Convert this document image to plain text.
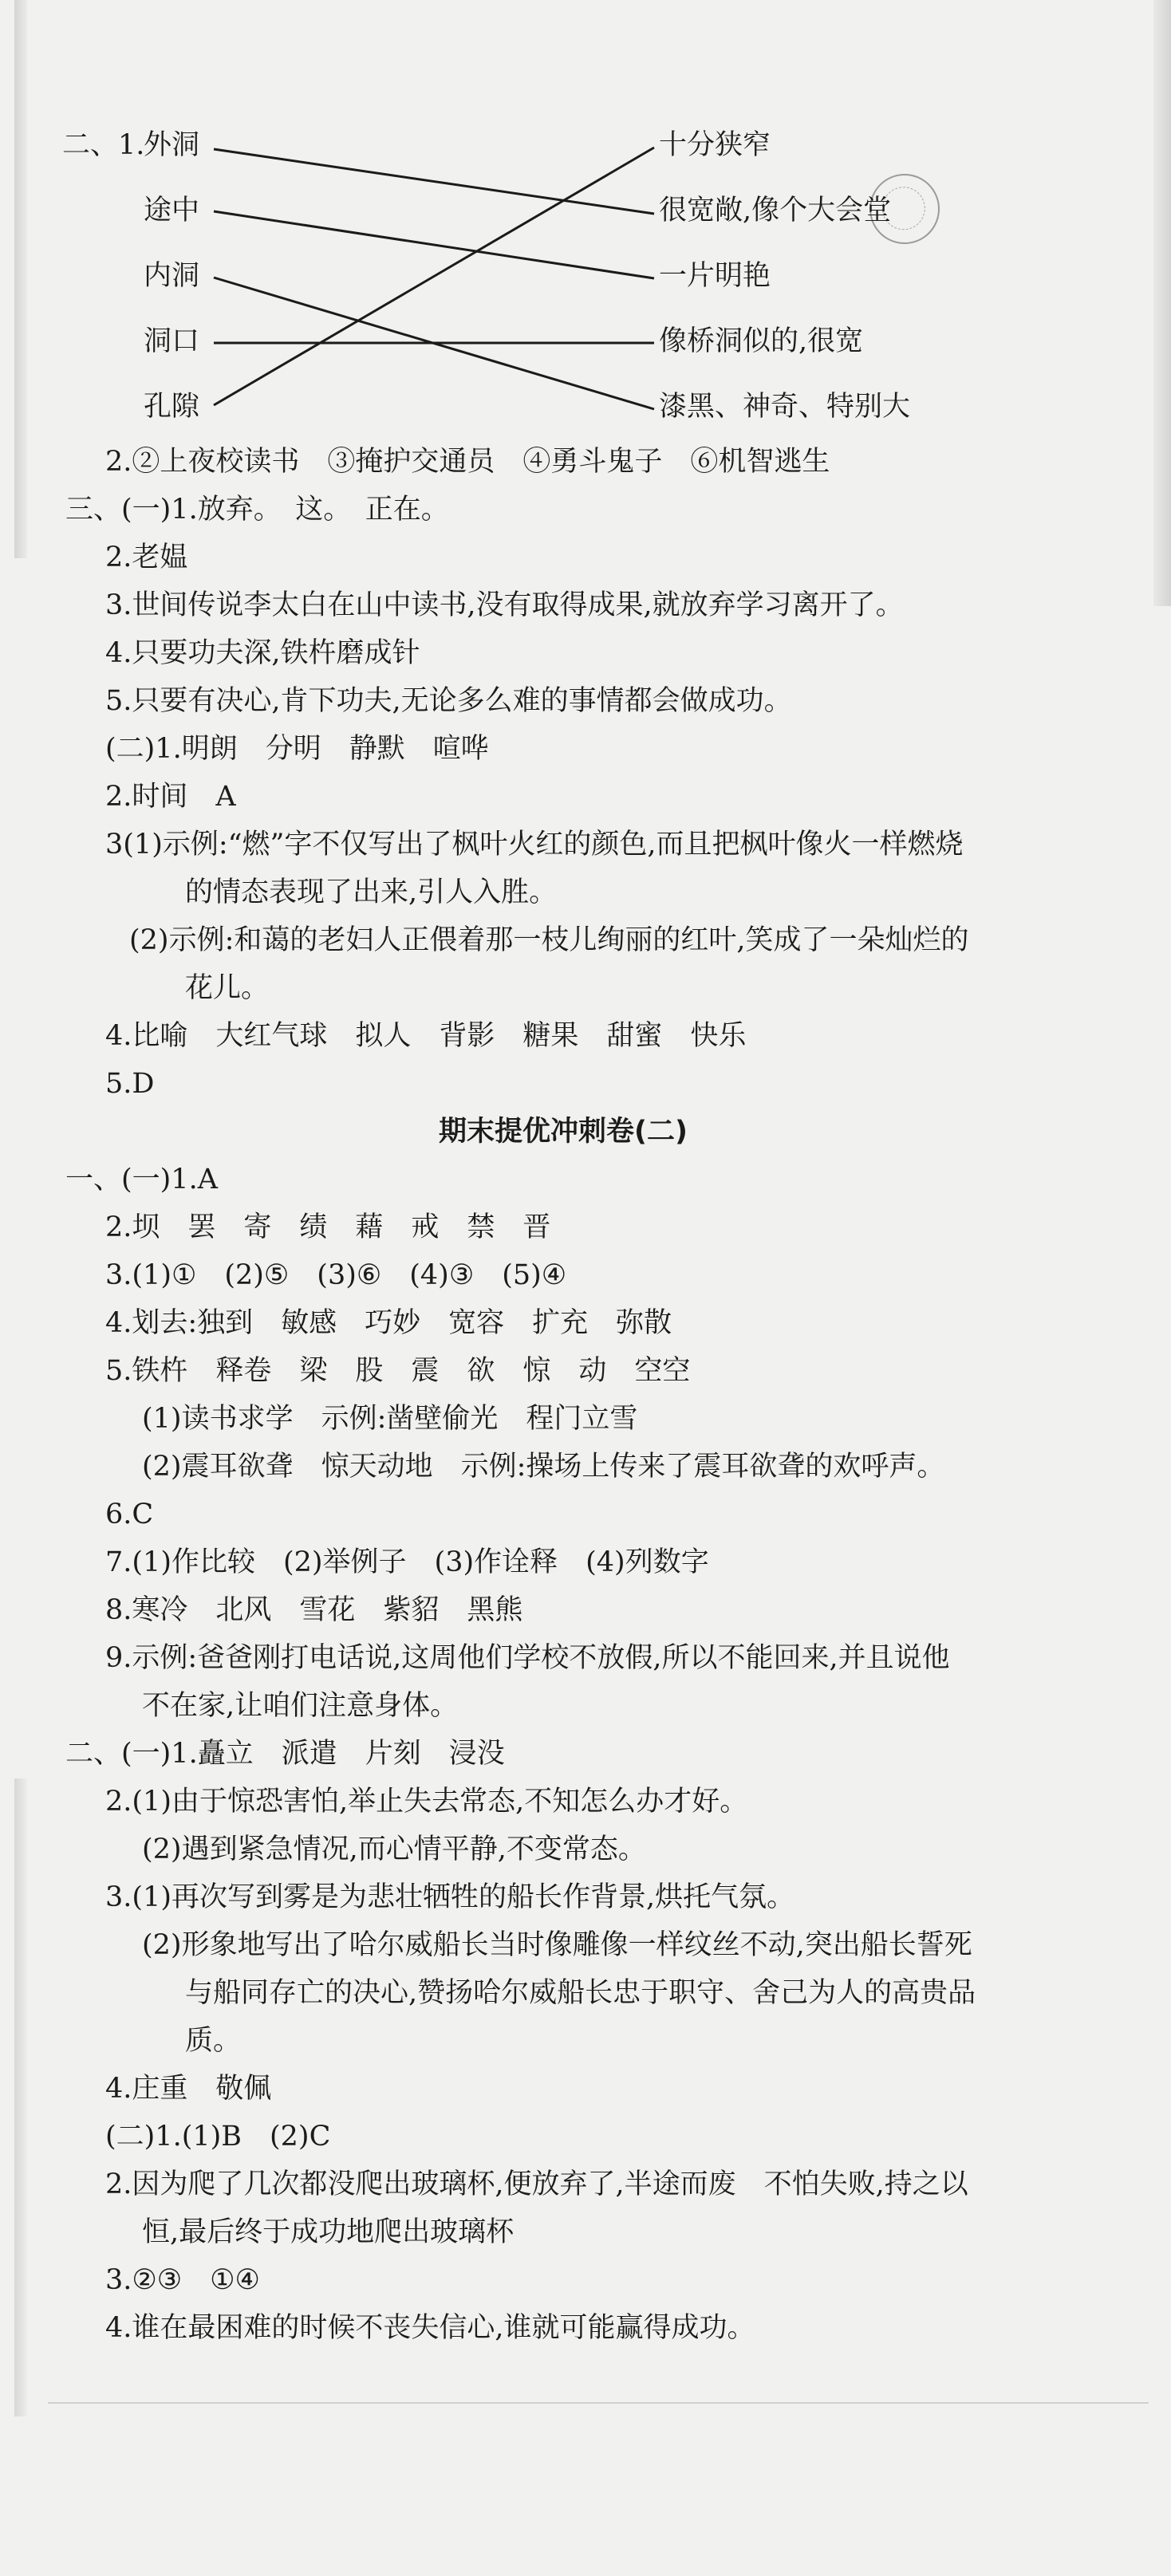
二、1.
外洞
途中
内洞
洞口
孔隙
十分狭窄
很宽敞,像个大会堂
一片明艳
像桥洞似的,很宽
漆黑、神奇、特别大
2.②上夜校读书　③掩护交通员　④勇斗鬼子　⑥机智逃生
三、(一)1.放弃。　这。　正在。
2.老媪
3.世间传说李太白在山中读书,没有取得成果,就放弃学习离开了。
4.只要功夫深,铁杵磨成针
5.只要有决心,肯下功夫,无论多么难的事情都会做成功。
(二)1.明朗　分明　静默　喧哗
2.时间　A
3(1)示例:“燃”字不仅写出了枫叶火红的颜色,而且把枫叶像火一样燃烧
的情态表现了出来,引人入胜。
(2)示例:和蔼的老妇人正偎着那一枝儿绚丽的红叶,笑成了一朵灿烂的
花儿。
4.比喻　大红气球　拟人　背影　糖果　甜蜜　快乐
5.D
期末提优冲刺卷(二)
一、(一)1.A
2.坝　罢　寄　绩　藉　戒　禁　晋
3.(1)①　(2)⑤　(3)⑥　(4)③　(5)④
4.划去:独到　敏感　巧妙　宽容　扩充　弥散
5.铁杵　释卷　梁　股　震　欲　惊　动　空空
(1)读书求学　示例:凿壁偷光　程门立雪
(2)震耳欲聋　惊天动地　示例:操场上传来了震耳欲聋的欢呼声。
6.C
7.(1)作比较　(2)举例子　(3)作诠释　(4)列数字
8.寒冷　北风　雪花　紫貂　黑熊
9.示例:爸爸刚打电话说,这周他们学校不放假,所以不能回来,并且说他
不在家,让咱们注意身体。
二、(一)1.矗立　派遣　片刻　浸没
2.(1)由于惊恐害怕,举止失去常态,不知怎么办才好。
(2)遇到紧急情况,而心情平静,不变常态。
3.(1)再次写到雾是为悲壮牺牲的船长作背景,烘托气氛。
(2)形象地写出了哈尔威船长当时像雕像一样纹丝不动,突出船长誓死
与船同存亡的决心,赞扬哈尔威船长忠于职守、舍己为人的高贵品
质。
4.庄重　敬佩
(二)1.(1)B　(2)C
2.因为爬了几次都没爬出玻璃杯,便放弃了,半途而废　不怕失败,持之以
恒,最后终于成功地爬出玻璃杯
3.②③　①④
4.谁在最困难的时候不丧失信心,谁就可能赢得成功。
